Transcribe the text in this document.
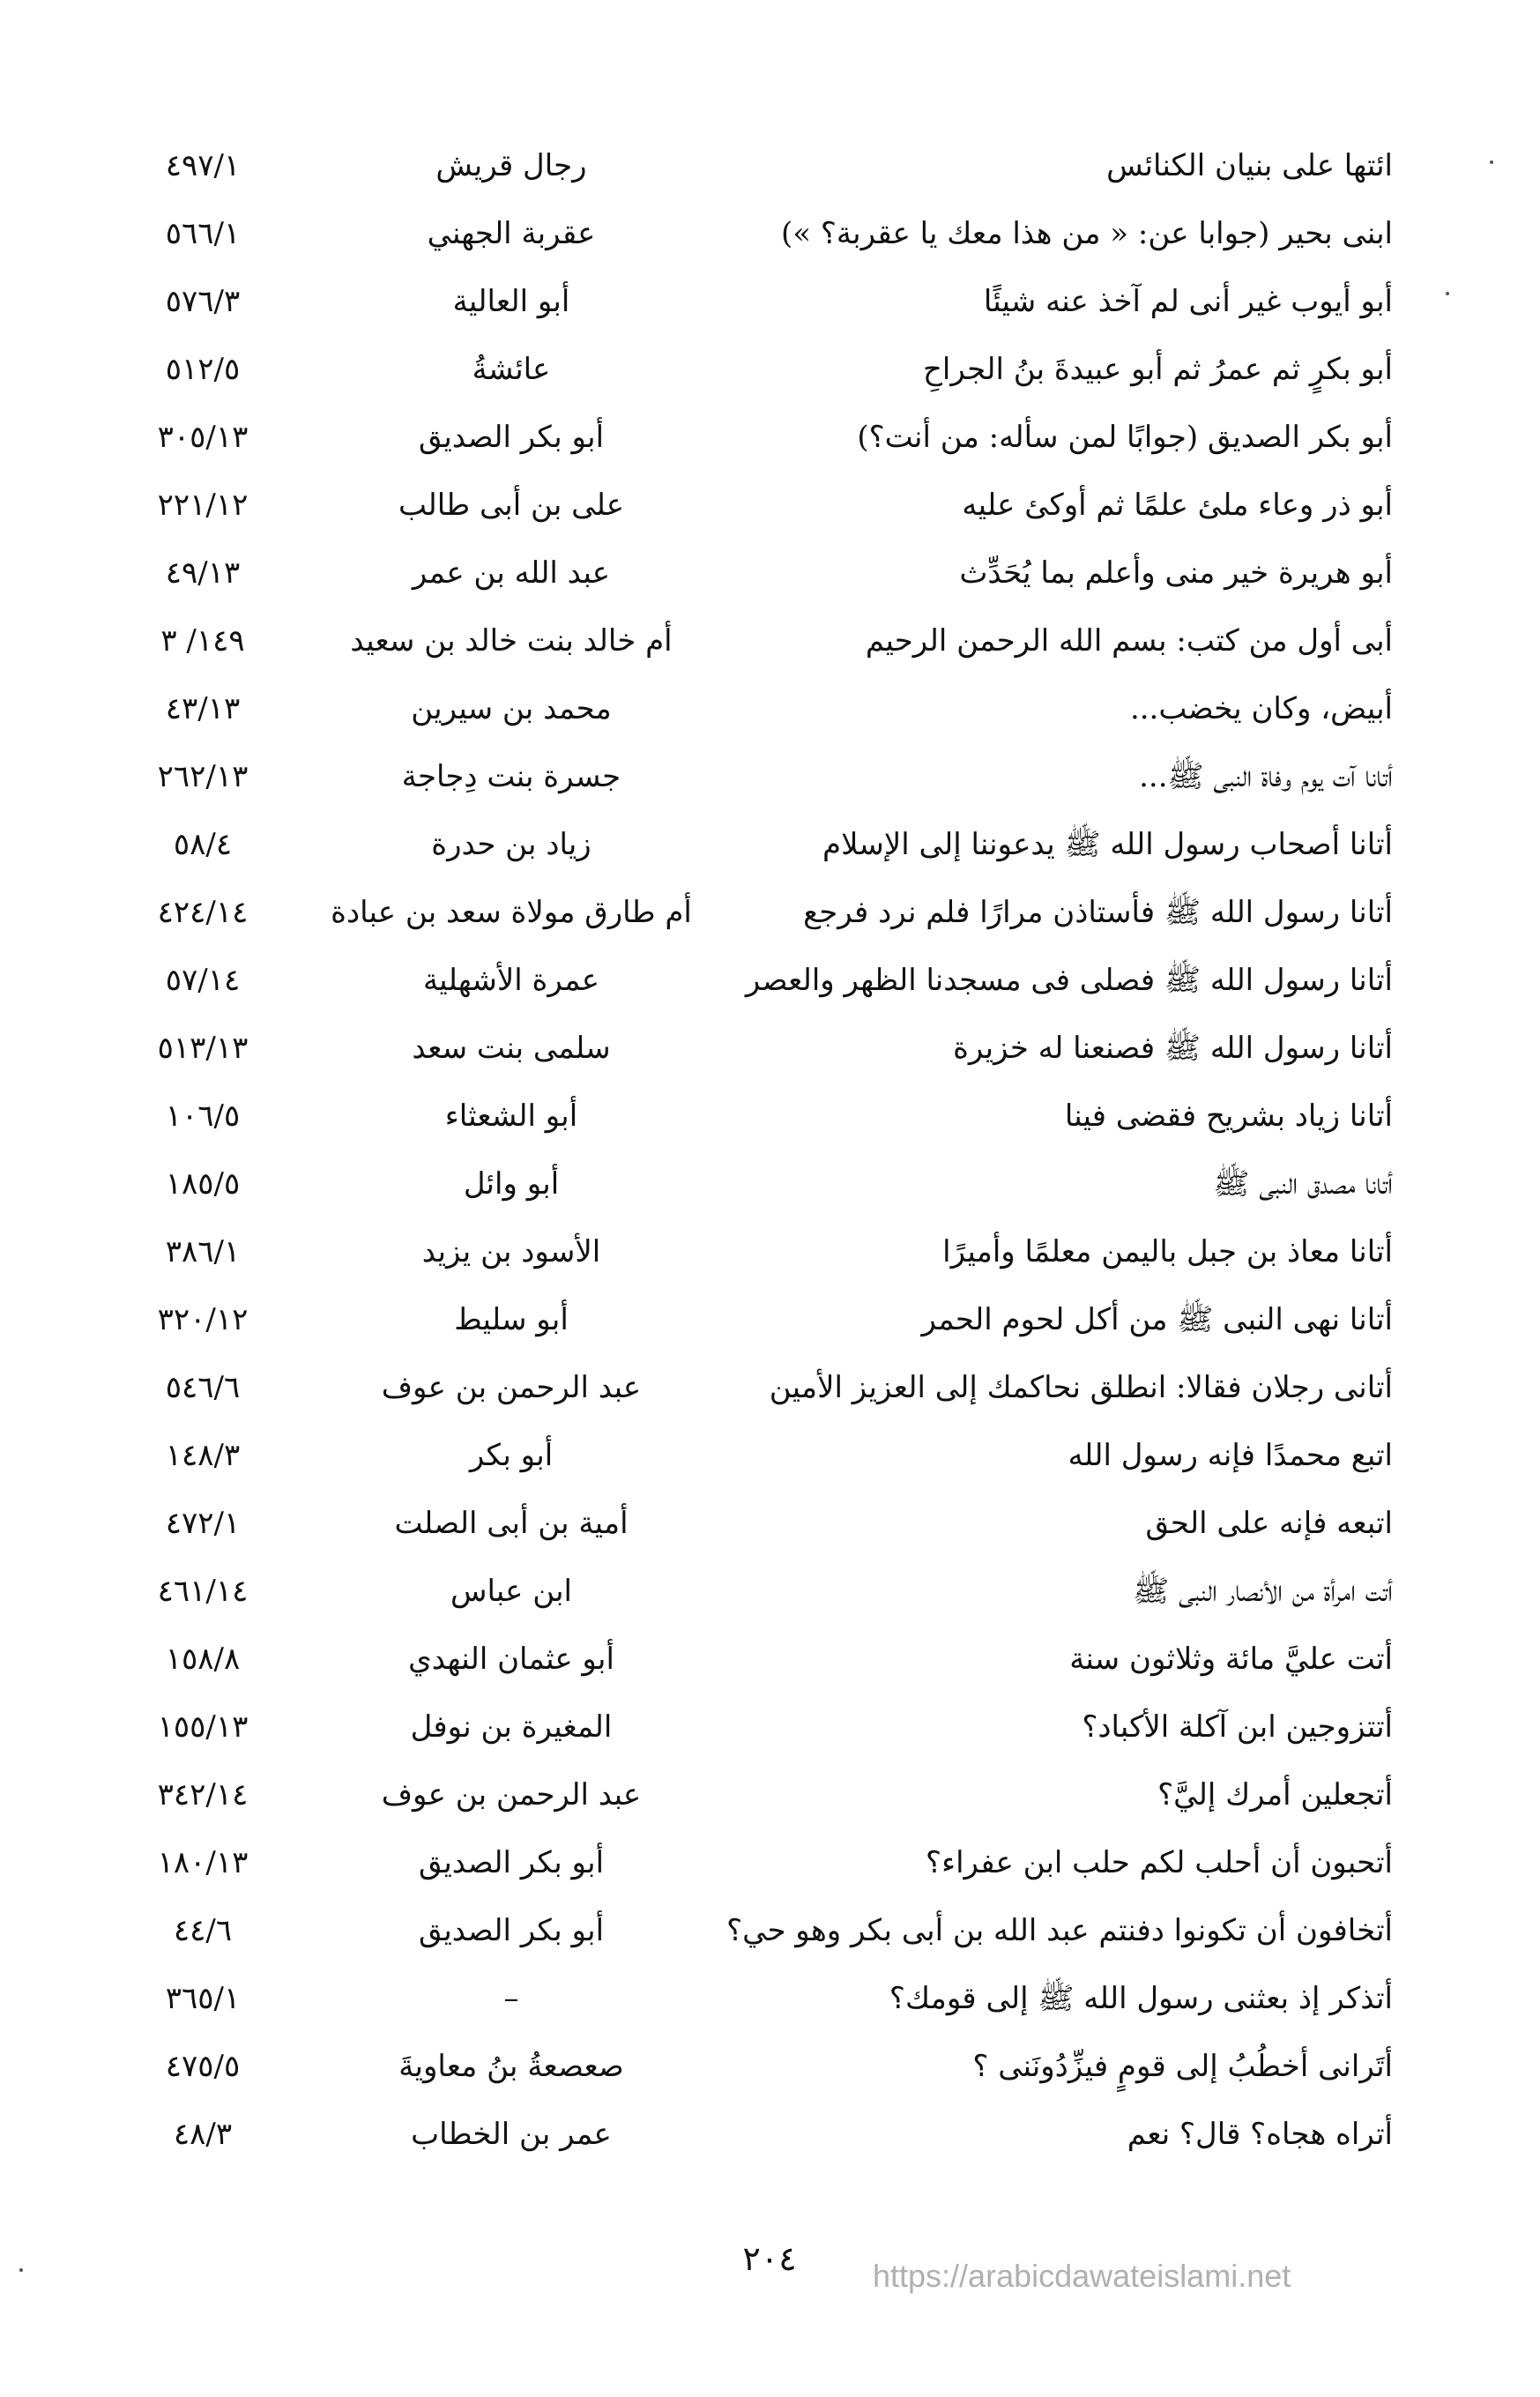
ائتها على بنيان الكنائس
رجال قريش
٤٩٧/١
ابنى بحير (جوابا عن: « من هذا معك يا عقربة؟ »)
عقربة الجهني
٥٦٦/١
أبو أيوب غير أنى لم آخذ عنه شيئًا
أبو العالية
٥٧٦/٣
أبو بكرٍ ثم عمرُ ثم أبو عبيدةَ بنُ الجراحِ
عائشةُ
٥١٢/٥
أبو بكر الصديق (جوابًا لمن سأله: من أنت؟)
أبو بكر الصديق
٣٠٥/١٣
أبو ذر وعاء ملئ علمًا ثم أوكئ عليه
على بن أبى طالب
٢٢١/١٢
أبو هريرة خير منى وأعلم بما يُحَدِّث
عبد الله بن عمر
٤٩/١٣
أبى أول من كتب: بسم الله الرحمن الرحيم
أم خالد بنت خالد بن سعيد
١٤٩/ ٣
أبيض، وكان يخضب...
محمد بن سيرين
٤٣/١٣
أتانا آت يوم وفاة النبى ﷺ...
جسرة بنت دِجاجة
٢٦٢/١٣
أتانا أصحاب رسول الله ﷺ يدعوننا إلى الإسلام
زياد بن حدرة
٥٨/٤
أتانا رسول الله ﷺ فأستاذن مرارًا فلم نرد فرجع
أم طارق مولاة سعد بن عبادة
٤٢٤/١٤
أتانا رسول الله ﷺ فصلى فى مسجدنا الظهر والعصر
عمرة الأشهلية
٥٧/١٤
أتانا رسول الله ﷺ فصنعنا له خزيرة
سلمى بنت سعد
٥١٣/١٣
أتانا زياد بشريح فقضى فينا
أبو الشعثاء
١٠٦/٥
أتانا مصدق النبى ﷺ
أبو وائل
١٨٥/٥
أتانا معاذ بن جبل باليمن معلمًا وأميرًا
الأسود بن يزيد
٣٨٦/١
أتانا نهى النبى ﷺ من أكل لحوم الحمر
أبو سليط
٣٢٠/١٢
أتانى رجلان فقالا: انطلق نحاكمك إلى العزيز الأمين
عبد الرحمن بن عوف
٥٤٦/٦
اتبع محمدًا فإنه رسول الله
أبو بكر
١٤٨/٣
اتبعه فإنه على الحق
أمية بن أبى الصلت
٤٧٢/١
أتت امرأة من الأنصار النبى ﷺ
ابن عباس
٤٦١/١٤
أتت عليَّ مائة وثلاثون سنة
أبو عثمان النهدي
١٥٨/٨
أتتزوجين ابن آكلة الأكباد؟
المغيرة بن نوفل
١٥٥/١٣
أتجعلين أمرك إليَّ؟
عبد الرحمن بن عوف
٣٤٢/١٤
أتحبون أن أحلب لكم حلب ابن عفراء؟
أبو بكر الصديق
١٨٠/١٣
أتخافون أن تكونوا دفنتم عبد الله بن أبى بكر وهو حي؟
أبو بكر الصديق
٤٤/٦
أتذكر إذ بعثنى رسول الله ﷺ إلى قومك؟
–
٣٦٥/١
أتَرانى أخطُبُ إلى قومٍ فيزِّدُونَنى ؟
صعصعةُ بنُ معاويةَ
٤٧٥/٥
أتراه هجاه؟ قال؟ نعم
عمر بن الخطاب
٤٨/٣
٢٠٤	https://arabicdawateislami.net
